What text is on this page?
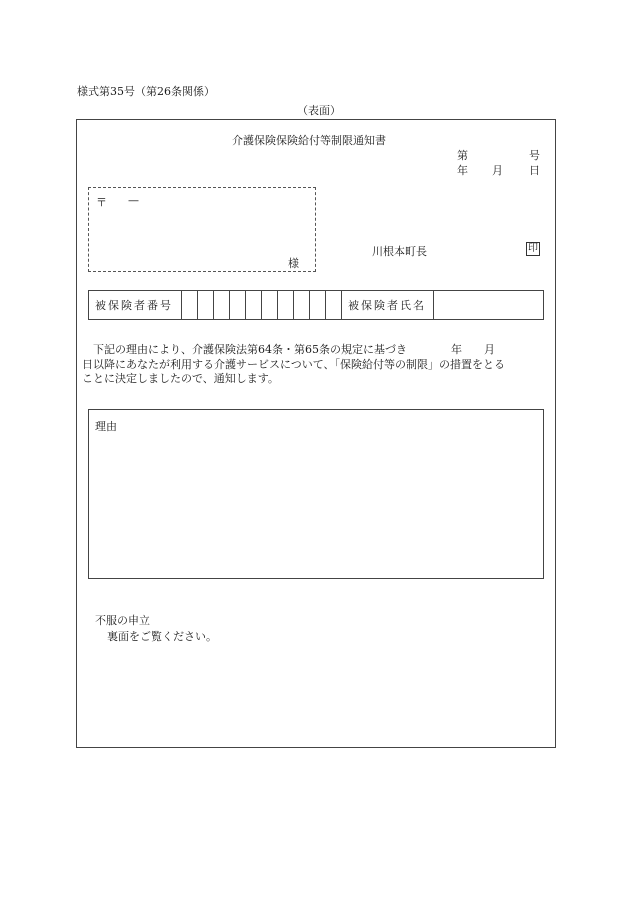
様式第35号（第26条関係）
（表面）
介護保険保険給付等制限通知書
第	号
年 月 日
〒 —
様
川根本町長	印
被保険者番号											被保険者氏名	
　下記の理由により、介護保険法第64条・第65条の規定に基づき　　　　年　　月
日以降にあなたが利用する介護サービスについて、「保険給付等の制限」の措置をとる
ことに決定しましたので、通知します。
理由
不服の申立
裏面をご覧ください。
